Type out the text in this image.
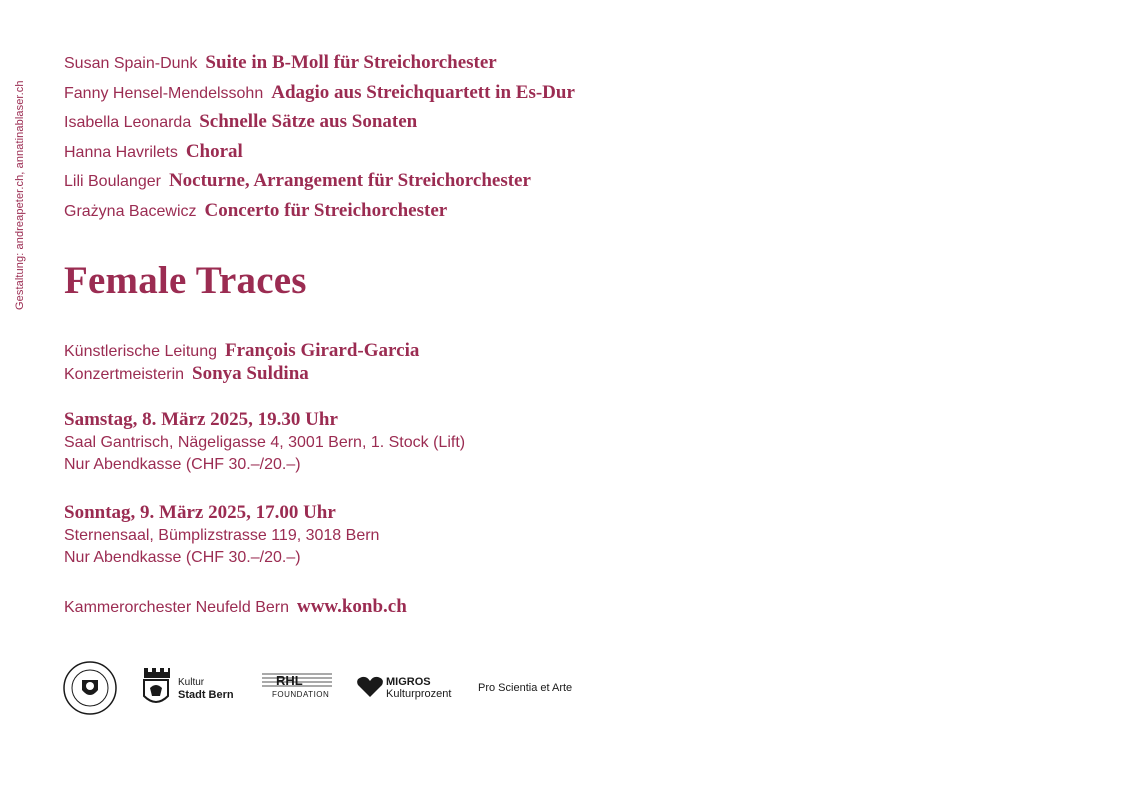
Gestaltung: andreapeter.ch, annatinablaser.ch
Susan Spain-Dunk Suite in B-Moll für Streichorchester
Fanny Hensel-Mendelssohn Adagio aus Streichquartett in Es-Dur
Isabella Leonarda Schnelle Sätze aus Sonaten
Hanna Havrilets Choral
Lili Boulanger Nocturne, Arrangement für Streichorchester
Grażyna Bacewicz Concerto für Streichorchester
Female Traces
Künstlerische Leitung François Girard-Garcia
Konzertmeisterin Sonya Suldina
Samstag, 8. März 2025, 19.30 Uhr
Saal Gantrisch, Nägeligasse 4, 3001 Bern, 1. Stock (Lift)
Nur Abendkasse (CHF 30.–/20.–)
Sonntag, 9. März 2025, 17.00 Uhr
Sternensaal, Bümplizstrasse 119, 3018 Bern
Nur Abendkasse (CHF 30.–/20.–)
Kammerorchester Neufeld Bern www.konb.ch
Kultur
Stadt Bern
RHL
FOUNDATION
MIGROS
Kulturprozent Pro Scientia et Arte
